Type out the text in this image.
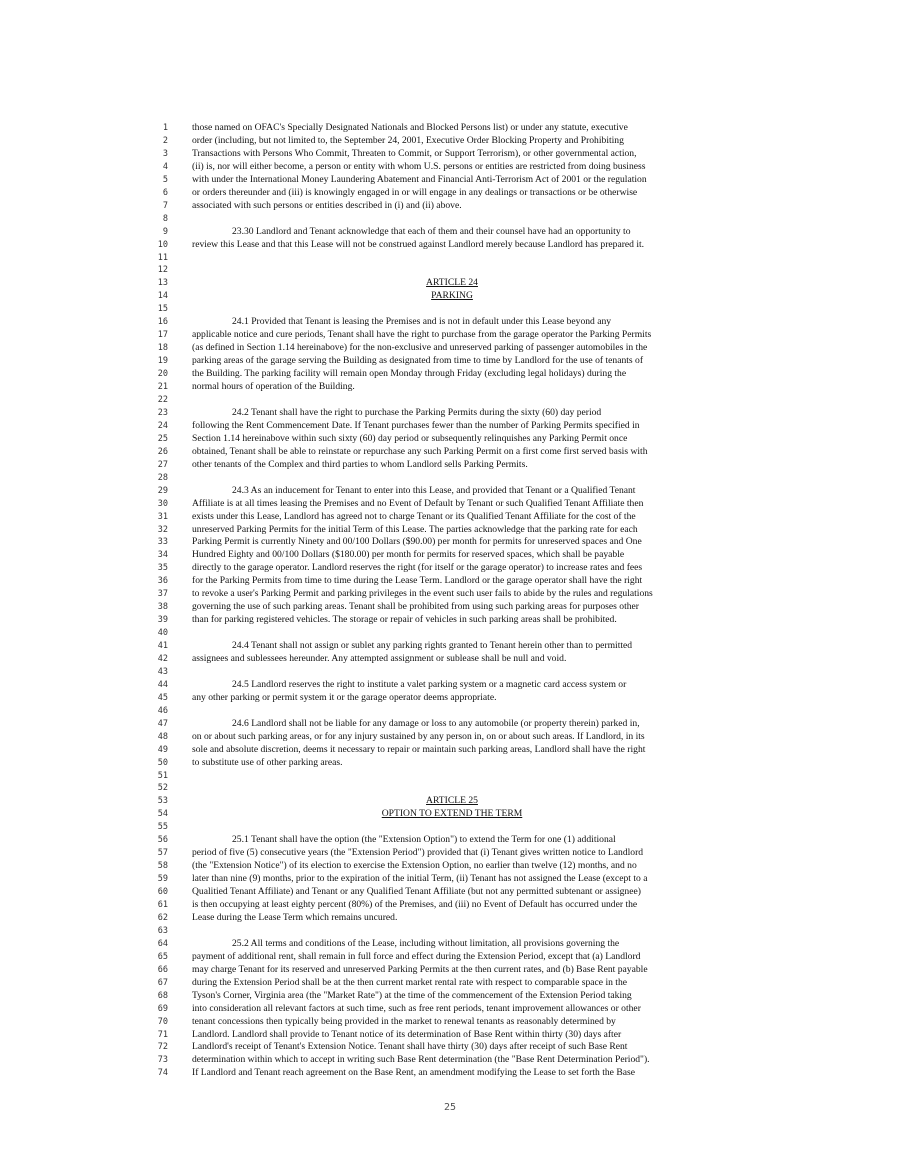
1	those named on OFAC's Specially Designated Nationals and Blocked Persons list) or under any statute, executive
2	order (including, but not limited to, the September 24, 2001, Executive Order Blocking Property and Prohibiting
3	Transactions with Persons Who Commit, Threaten to Commit, or Support Terrorism), or other governmental action,
4	(ii) is, nor will either become, a person or entity with whom U.S. persons or entities are restricted from doing business
5	with under the International Money Laundering Abatement and Financial Anti-Terrorism Act of 2001 or the regulation
6	or orders thereunder and (iii) is knowingly engaged in or will engage in any dealings or transactions or be otherwise
7	associated with such persons or entities described in (i) and (ii) above.
8
9	23.30 Landlord and Tenant acknowledge that each of them and their counsel have had an opportunity to
10	review this Lease and that this Lease will not be construed against Landlord merely because Landlord has prepared it.
11
12
13	ARTICLE 24
14	PARKING
15
16	24.1 Provided that Tenant is leasing the Premises and is not in default under this Lease beyond any
17	applicable notice and cure periods, Tenant shall have the right to purchase from the garage operator the Parking Permits
18	(as defined in Section 1.14 hereinabove) for the non-exclusive and unreserved parking of passenger automobiles in the
19	parking areas of the garage serving the Building as designated from time to time by Landlord for the use of tenants of
20	the Building. The parking facility will remain open Monday through Friday (excluding legal holidays) during the
21	normal hours of operation of the Building.
22
23	24.2 Tenant shall have the right to purchase the Parking Permits during the sixty (60) day period
24	following the Rent Commencement Date. If Tenant purchases fewer than the number of Parking Permits specified in
25	Section 1.14 hereinabove within such sixty (60) day period or subsequently relinquishes any Parking Permit once
26	obtained, Tenant shall be able to reinstate or repurchase any such Parking Permit on a first come first served basis with
27	other tenants of the Complex and third parties to whom Landlord sells Parking Permits.
28
29	24.3 As an inducement for Tenant to enter into this Lease, and provided that Tenant or a Qualified Tenant
30	Affiliate is at all times leasing the Premises and no Event of Default by Tenant or such Qualified Tenant Affiliate then
31	exists under this Lease, Landlord has agreed not to charge Tenant or its Qualified Tenant Affiliate for the cost of the
32	unreserved Parking Permits for the initial Term of this Lease. The parties acknowledge that the parking rate for each
33	Parking Permit is currently Ninety and 00/100 Dollars ($90.00) per month for permits for unreserved spaces and One
34	Hundred Eighty and 00/100 Dollars ($180.00) per month for permits for reserved spaces, which shall be payable
35	directly to the garage operator. Landlord reserves the right (for itself or the garage operator) to increase rates and fees
36	for the Parking Permits from time to time during the Lease Term. Landlord or the garage operator shall have the right
37	to revoke a user's Parking Permit and parking privileges in the event such user fails to abide by the rules and regulations
38	governing the use of such parking areas. Tenant shall be prohibited from using such parking areas for purposes other
39	than for parking registered vehicles. The storage or repair of vehicles in such parking areas shall be prohibited.
40
41	24.4 Tenant shall not assign or sublet any parking rights granted to Tenant herein other than to permitted
42	assignees and sublessees hereunder. Any attempted assignment or sublease shall be null and void.
43
44	24.5 Landlord reserves the right to institute a valet parking system or a magnetic card access system or
45	any other parking or permit system it or the garage operator deems appropriate.
46
47	24.6 Landlord shall not be liable for any damage or loss to any automobile (or property therein) parked in,
48	on or about such parking areas, or for any injury sustained by any person in, on or about such areas. If Landlord, in its
49	sole and absolute discretion, deems it necessary to repair or maintain such parking areas, Landlord shall have the right
50	to substitute use of other parking areas.
51
52
53	ARTICLE 25
54	OPTION TO EXTEND THE TERM
55
56	25.1 Tenant shall have the option (the "Extension Option") to extend the Term for one (1) additional
57	period of five (5) consecutive years (the "Extension Period") provided that (i) Tenant gives written notice to Landlord
58	(the "Extension Notice") of its election to exercise the Extension Option, no earlier than twelve (12) months, and no
59	later than nine (9) months, prior to the expiration of the initial Term, (ii) Tenant has not assigned the Lease (except to a
60	Qualitied Tenant Affiliate) and Tenant or any Qualified Tenant Affiliate (but not any permitted subtenant or assignee)
61	is then occupying at least eighty percent (80%) of the Premises, and (iii) no Event of Default has occurred under the
62	Lease during the Lease Term which remains uncured.
63
64	25.2 All terms and conditions of the Lease, including without limitation, all provisions governing the
65	payment of additional rent, shall remain in full force and effect during the Extension Period, except that (a) Landlord
66	may charge Tenant for its reserved and unreserved Parking Permits at the then current rates, and (b) Base Rent payable
67	during the Extension Period shall be at the then current market rental rate with respect to comparable space in the
68	Tyson's Corner, Virginia area (the "Market Rate") at the time of the commencement of the Extension Period taking
69	into consideration all relevant factors at such time, such as free rent periods, tenant improvement allowances or other
70	tenant concessions then typically being provided in the market to renewal tenants as reasonably determined by
71	Landlord. Landlord shall provide to Tenant notice of its determination of Base Rent within thirty (30) days after
72	Landlord's receipt of Tenant's Extension Notice. Tenant shall have thirty (30) days after receipt of such Base Rent
73	determination within which to accept in writing such Base Rent determination (the "Base Rent Determination Period").
74	If Landlord and Tenant reach agreement on the Base Rent, an amendment modifying the Lease to set forth the Base
25
